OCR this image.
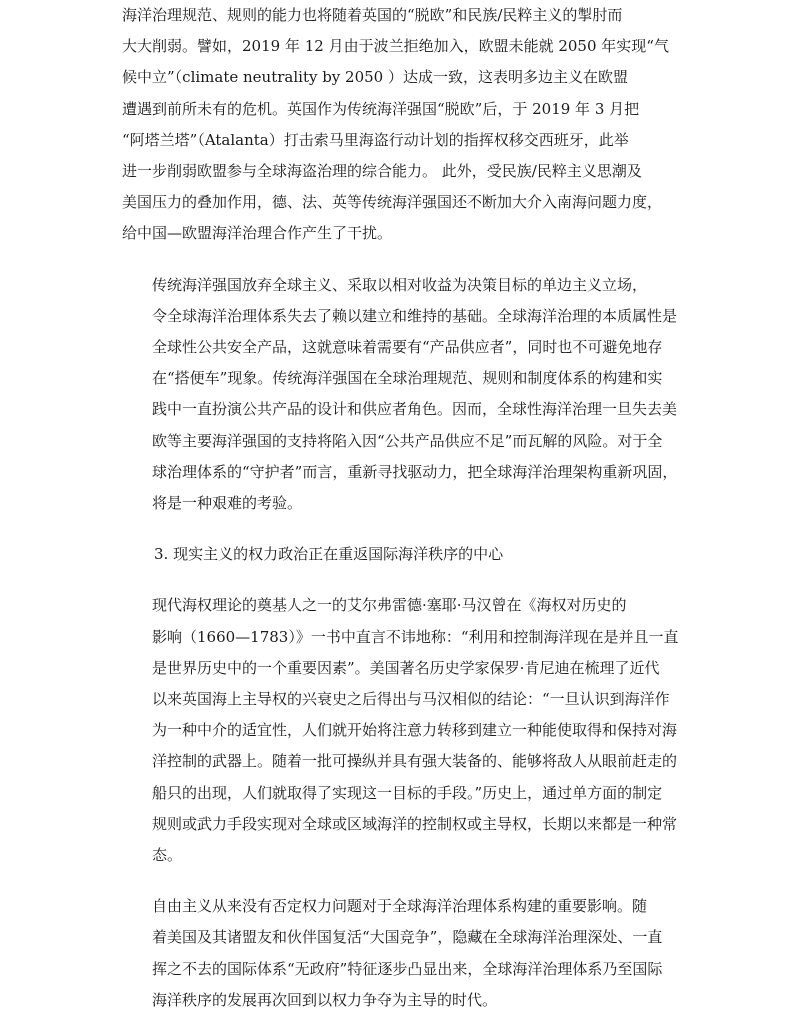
海洋治理规范、规则的能力也将随着英国的“脱欧”和民族/民粹主义的掣肘而
大大削弱。譬如，2019 年 12 月由于波兰拒绝加入，欧盟未能就 2050 年实现“气
候中立”（climate neutrality by 2050 ）达成一致，这表明多边主义在欧盟
遭遇到前所未有的危机。英国作为传统海洋强国“脱欧”后，于 2019 年 3 月把
“阿塔兰塔”（Atalanta）打击索马里海盗行动计划的指挥权移交西班牙，此举
进一步削弱欧盟参与全球海盗治理的综合能力。 此外，受民族/民粹主义思潮及
美国压力的叠加作用，德、法、英等传统海洋强国还不断加大介入南海问题力度，
给中国—欧盟海洋治理合作产生了干扰。

传统海洋强国放弃全球主义、采取以相对收益为决策目标的单边主义立场，
令全球海洋治理体系失去了赖以建立和维持的基础。全球海洋治理的本质属性是
全球性公共安全产品，这就意味着需要有“产品供应者”，同时也不可避免地存
在“搭便车”现象。传统海洋强国在全球治理规范、规则和制度体系的构建和实
践中一直扮演公共产品的设计和供应者角色。因而，全球性海洋治理一旦失去美
欧等主要海洋强国的支持将陷入因“公共产品供应不足”而瓦解的风险。对于全
球治理体系的“守护者”而言，重新寻找驱动力，把全球海洋治理架构重新巩固，
将是一种艰难的考验。

3. 现实主义的权力政治正在重返国际海洋秩序的中心

现代海权理论的奠基人之一的艾尔弗雷德·塞耶·马汉曾在《海权对历史的
影响（1660—1783）》一书中直言不讳地称：“利用和控制海洋现在是并且一直
是世界历史中的一个重要因素”。美国著名历史学家保罗·肯尼迪在梳理了近代
以来英国海上主导权的兴衰史之后得出与马汉相似的结论：“一旦认识到海洋作
为一种中介的适宜性，人们就开始将注意力转移到建立一种能使取得和保持对海
洋控制的武器上。随着一批可操纵并具有强大装备的、能够将敌人从眼前赶走的
船只的出现，人们就取得了实现这一目标的手段。”历史上，通过单方面的制定
规则或武力手段实现对全球或区域海洋的控制权或主导权，长期以来都是一种常
态。

自由主义从来没有否定权力问题对于全球海洋治理体系构建的重要影响。随
着美国及其诸盟友和伙伴国复活“大国竞争”，隐藏在全球海洋治理深处、一直
挥之不去的国际体系“无政府”特征逐步凸显出来，全球海洋治理体系乃至国际
海洋秩序的发展再次回到以权力争夺为主导的时代。
